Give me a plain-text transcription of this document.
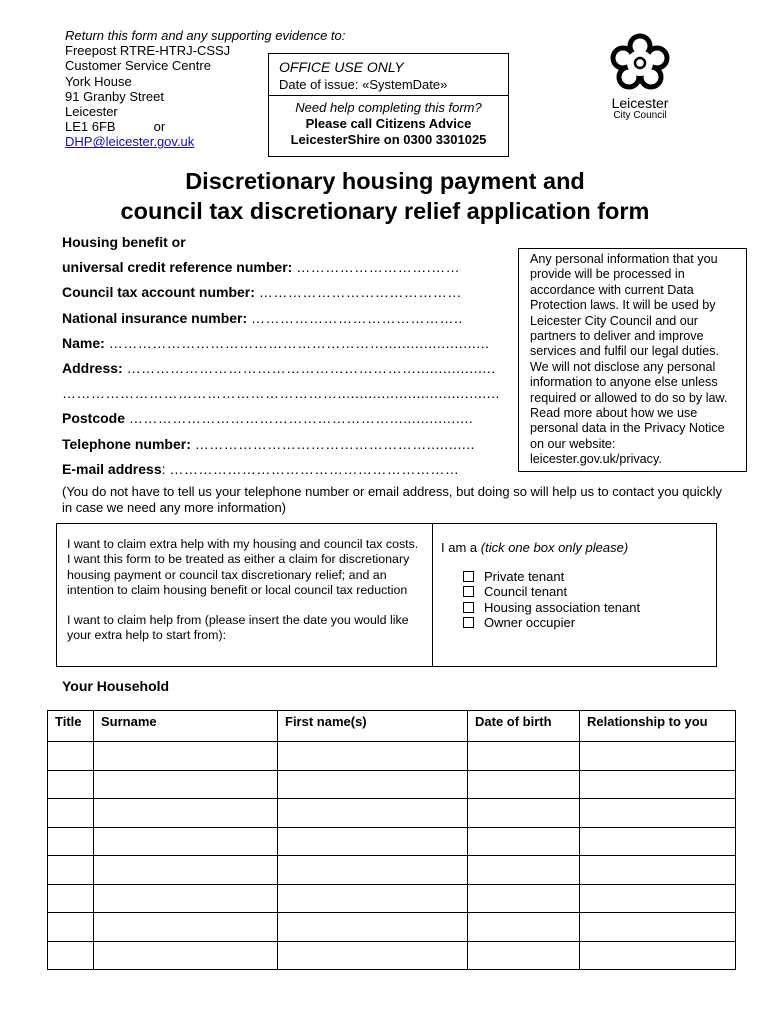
Return this form and any supporting evidence to:
Freepost RTRE-HTRJ-CSSJ
Customer Service Centre
York House
91 Granby Street
Leicester
LE1 6FB	or
DHP@leicester.gov.uk
OFFICE USE ONLY
Date of issue: «SystemDate»
Need help completing this form?
Please call Citizens Advice
LeicesterShire on 0300 3301025
Leicester
City Council
Discretionary housing payment and
council tax discretionary relief application form
Housing benefit or
universal credit reference number: ……………………….……
Council tax account number: ……………………………………
National insurance number: ……………………………………..
Name: …………………………………………………........................
Address: ……………………………………………………..................
………………………………………………….....................................
Postcode ………………………………………………...................
Telephone number: …………………………………………...........
E-mail address: ……………………………………………………
Any personal information that you provide will be processed in accordance with current Data Protection laws. It will be used by Leicester City Council and our partners to deliver and improve services and fulfil our legal duties. We will not disclose any personal information to anyone else unless required or allowed to do so by law. Read more about how we use personal data in the Privacy Notice on our website: leicester.gov.uk/privacy.
(You do not have to tell us your telephone number or email address, but doing so will help us to contact you quickly in case we need any more information)

I want to claim extra help with my housing and council tax costs. I want this form to be treated as either a claim for discretionary housing payment or council tax discretionary relief; and an intention to claim housing benefit or local council tax reduction

I want to claim help from (please insert the date you would like your extra help to start from):

I am a (tick one box only please)
Private tenant
Council tenant
Housing association tenant
Owner occupier
Your Household
Title	Surname	First name(s)	Date of birth	Relationship to you
